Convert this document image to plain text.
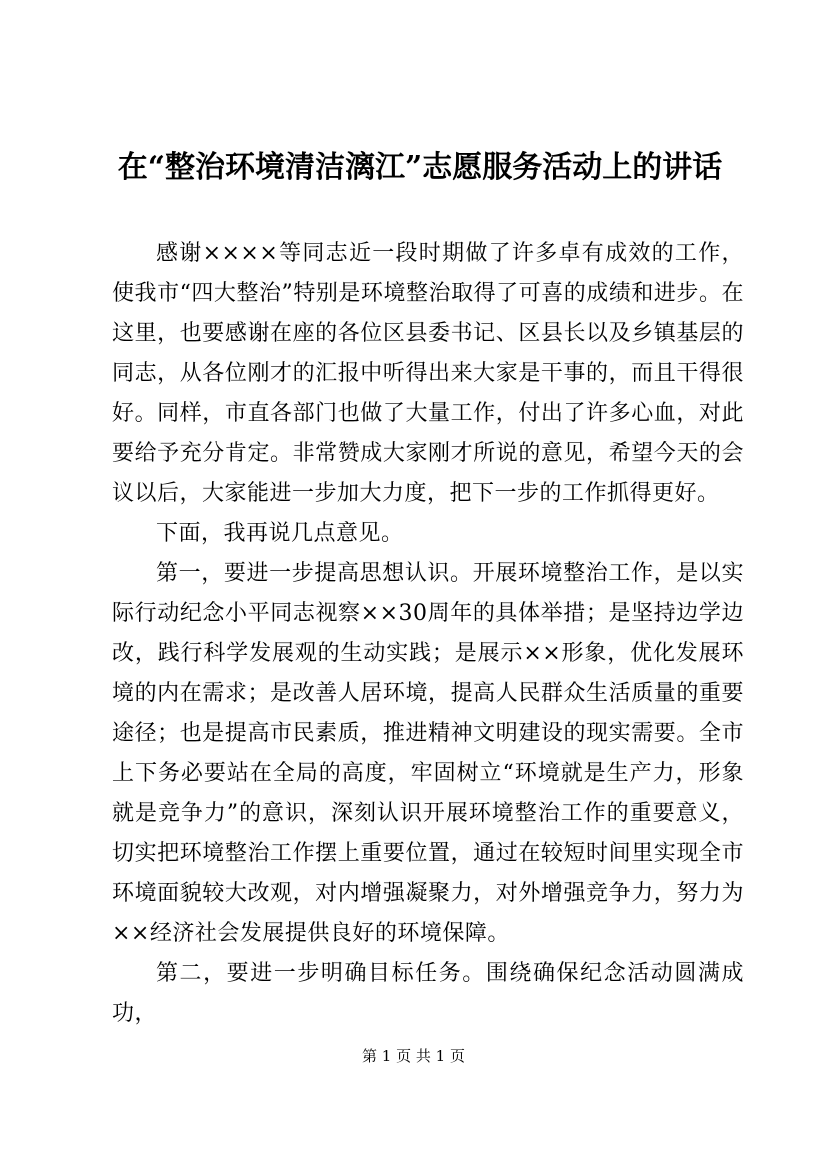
在“整治环境清洁漓江”志愿服务活动上的讲话

感谢××××等同志近一段时期做了许多卓有成效的工作，使我市“四大整治”特别是环境整治取得了可喜的成绩和进步。在这里，也要感谢在座的各位区县委书记、区县长以及乡镇基层的同志，从各位刚才的汇报中听得出来大家是干事的，而且干得很好。同样，市直各部门也做了大量工作，付出了许多心血，对此要给予充分肯定。非常赞成大家刚才所说的意见，希望今天的会议以后，大家能进一步加大力度，把下一步的工作抓得更好。

下面，我再说几点意见。

第一，要进一步提高思想认识。开展环境整治工作，是以实际行动纪念小平同志视察××30周年的具体举措；是坚持边学边改，践行科学发展观的生动实践；是展示××形象，优化发展环境的内在需求；是改善人居环境，提高人民群众生活质量的重要途径；也是提高市民素质，推进精神文明建设的现实需要。全市上下务必要站在全局的高度，牢固树立“环境就是生产力，形象就是竞争力”的意识，深刻认识开展环境整治工作的重要意义，切实把环境整治工作摆上重要位置，通过在较短时间里实现全市环境面貌较大改观，对内增强凝聚力，对外增强竞争力，努力为××经济社会发展提供良好的环境保障。

第二，要进一步明确目标任务。围绕确保纪念活动圆满成功，

第 1 页 共 1 页
